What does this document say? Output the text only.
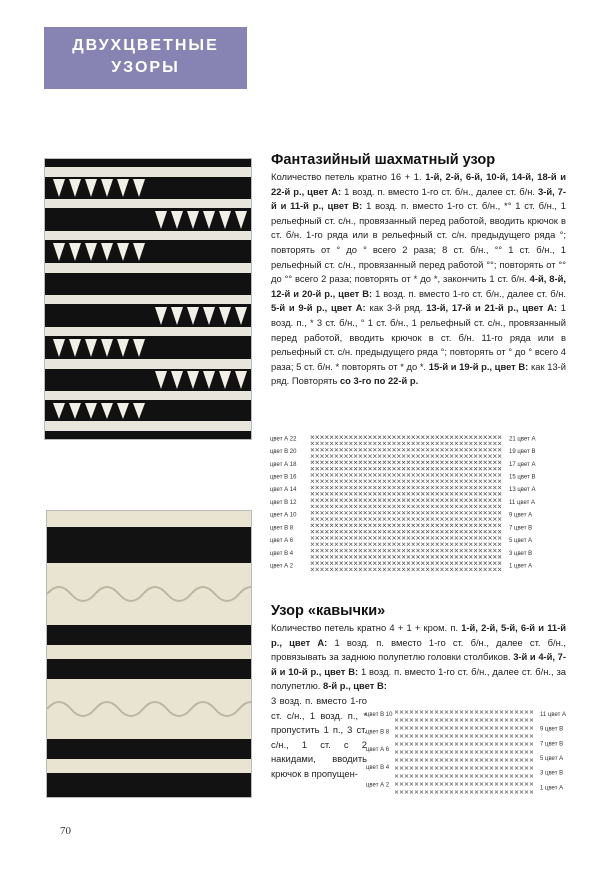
ДВУХЦВЕТНЫЕ
УЗОРЫ
Фантазийный шахматный узор
Количество петель кратно 16 + 1. 1-й, 2-й, 6-й, 10-й, 14-й, 18-й и 22-й р., цвет А: 1 возд. п. вместо 1-го ст. б/н., далее ст. б/н. 3-й, 7-й и 11-й р., цвет В: 1 возд. п. вместо 1-го ст. б/н., *° 1 ст. б/н., 1 рельефный ст. с/н., провязанный перед работой, вводить крючок в ст. б/н. 1-го ряда или в рельефный ст. с/н. предыдущего ряда °; повторять от ° до ° всего 2 раза; 8 ст. б/н., °° 1 ст. б/н., 1 рельефный ст. с/н., провязанный перед работой °°; повторять от °° до °° всего 2 раза; повторять от * до *, закончить 1 ст. б/н. 4-й, 8-й, 12-й и 20-й р., цвет В: 1 возд. п. вместо 1-го ст. б/н., далее ст. б/н. 5-й и 9-й р., цвет А: как 3-й ряд. 13-й, 17-й и 21-й р., цвет А: 1 возд. п., * 3 ст. б/н., ° 1 ст. б/н., 1 рельефный ст. с/н., провязанный перед работой, вводить крючок в ст. б/н. 11-го ряда или в рельефный ст. с/н. предыдущего ряда °; повторять от ° до ° всего 4 раза; 5 ст. б/н. * повторять от * до *. 15-й и 19-й р., цвет В: как 13-й ряд. Повторять со 3-го по 22-й р.
цвет А 22
цвет В 20
цвет А 18
цвет В 16
цвет А 14
цвет В 12
цвет А 10
цвет В 8
цвет А 6
цвет В 4
цвет А 2
21 цвет А
19 цвет В
17 цвет А
15 цвет В
13 цвет А
11 цвет А
9 цвет А
7 цвет В
5 цвет А
3 цвет В
1 цвет А
Узор «кавычки»
Количество петель кратно 4 + 1 + кром. п. 1-й, 2-й, 5-й, 6-й и 11-й р., цвет А: 1 возд. п. вместо 1-го ст. б/н., далее ст. б/н., провязывать за заднюю полупетлю головки столбиков. 3-й и 4-й, 7-й и 10-й р., цвет В: 1 возд. п. вместо 1-го ст. б/н., далее ст. б/н., за полупетлю. 8-й р., цвет В:
3 возд. п. вместо 1-го ст. с/н., 1 возд. п., * пропустить 1 п., 3 ст. с/н., 1 ст. с 2 накидами, вводить крючок в пропущен-
цвет В 10
цвет В 8
цвет А 6
цвет В 4
цвет А 2
11 цвет А
9 цвет В
7 цвет В
5 цвет А
3 цвет В
1 цвет А
70
